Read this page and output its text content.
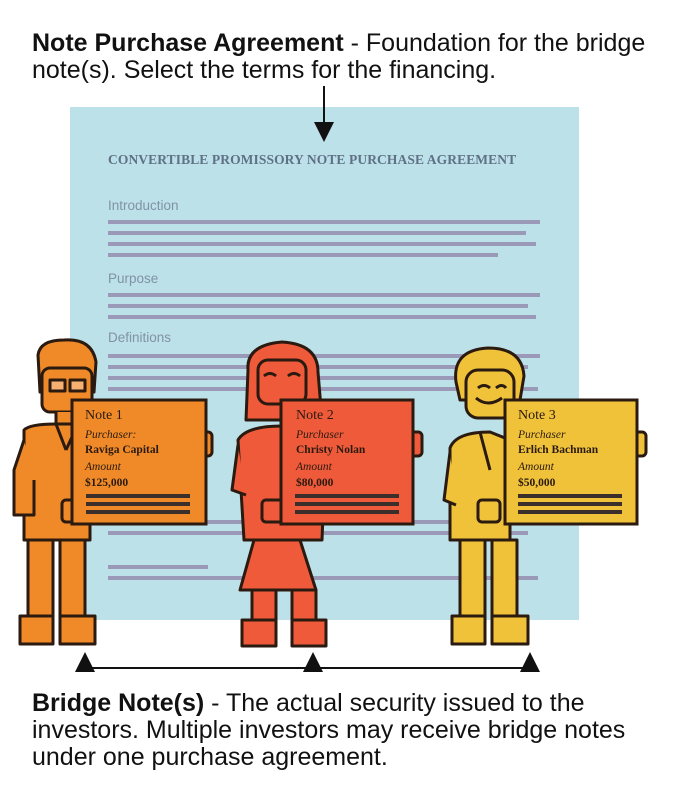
Note Purchase Agreement - Foundation for the bridge note(s). Select the terms for the financing.

CONVERTIBLE PROMISSORY NOTE PURCHASE AGREEMENT
Introduction
Purpose
Definitions
Note 1
Purchaser:
Raviga Capital
Amount
$125,000
Note 2
Purchaser
Christy Nolan
Amount
$80,000
Note 3
Purchaser
Erlich Bachman
Amount
$50,000

Bridge Note(s) - The actual security issued to the investors. Multiple investors may receive bridge notes under one purchase agreement.
